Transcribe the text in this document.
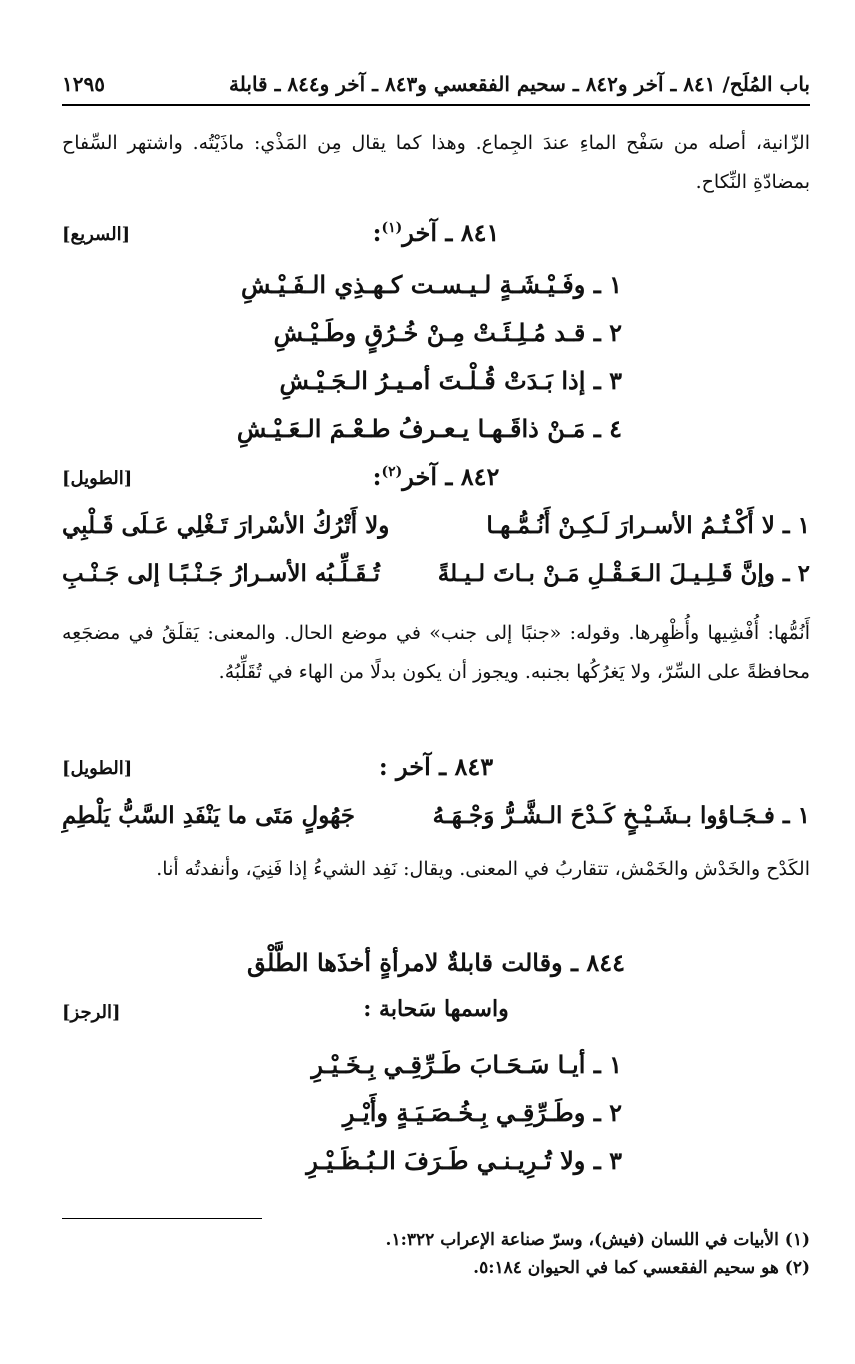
باب المُلَح/ ٨٤١ ـ آخر و٨٤٢ ـ سحيم الفقعسي و٨٤٣ ـ آخر و٨٤٤ ـ قابلة
١٢٩٥
الزّانية، أصله من سَفْح الماءِ عندَ الجِماع. وهذا كما يقال مِن المَذْي: ماذَيْتُه. واشتهر السِّفاح بمضادّةِ النِّكاح.
٨٤١ ـ آخر$^{(١)}$:
[السريع]
١ ـ وفَـيْـشَـةٍ لـيـسـت كـهـذِي الـفَـيْـشِ
٢ ـ قـد مُـلِـئَـتْ مِـنْ خُـرُقٍ وطَـيْـشِ
٣ ـ إذا بَـدَتْ قُـلْـتَ أمـيـرُ الـجَـيْـشِ
٤ ـ مَـنْ ذاقَـهـا يـعـرفُ طـعْـمَ الـعَـيْـشِ
٨٤٢ ـ آخر$^{(٢)}$:
[الطويل]
١ ـ لا أَكْـتُـمُ الأسـرارَ لَـكِـنْ أَنُـمُّـهـا
ولا أَتْرُكُ الأسْرارَ تَـغْلِي عَـلَى قَـلْبِي
٢ ـ وإنَّ قَـلِـيـلَ الـعَـقْـلِ مَـنْ بـاتَ لـيـلةً
تُـقَـلِّـبُه الأسـرارُ جَـنْـبًـا إلى جَـنْـبِ
أَنُمُّها: أُفْشِيها وأُظْهِرها. وقوله: «جنبًا إلى جنب» في موضع الحال. والمعنى: يَقلَقُ في مضجَعِه محافظةً على السِّرّ، ولا يَغرُكُها بجنبه. ويجوز أن يكون بدلًا من الهاء في تُقَلِّبُهُ.
٨٤٣ ـ آخر :
[الطويل]
١ ـ فـجَـاؤوا بـشَـيْـخٍ كَـدْحَ الـشَّـرُّ وَجْـهَـهُ
جَهُولٍ مَتَى ما يَنْفَدِ السَّبُّ يَلْطِمِ
الكَدْح والخَدْش والخَمْش، تتقاربُ في المعنى. ويقال: نَفِد الشيءُ إذا فَنِيَ، وأنفدتُه أنا.
٨٤٤ ـ وقالت قابلةٌ لامرأةٍ أخذَها الطَّلْق
واسمها سَحابة :
[الرجز]
١ ـ أيـا سَـحَـابَ طَـرِّقِـي بِـخَـيْـرِ
٢ ـ وطَـرِّقِـي بِـخُـصَـيَـةٍ وأَيْـرِ
٣ ـ ولا تُـرِيـنـي طَـرَفَ الـبُـظَـيْـرِ
(١) الأبيات في اللسان (فيش)، وسرّ صناعة الإعراب ١:٣٢٢.
(٢) هو سحيم الفقعسي كما في الحيوان ٥:١٨٤.
